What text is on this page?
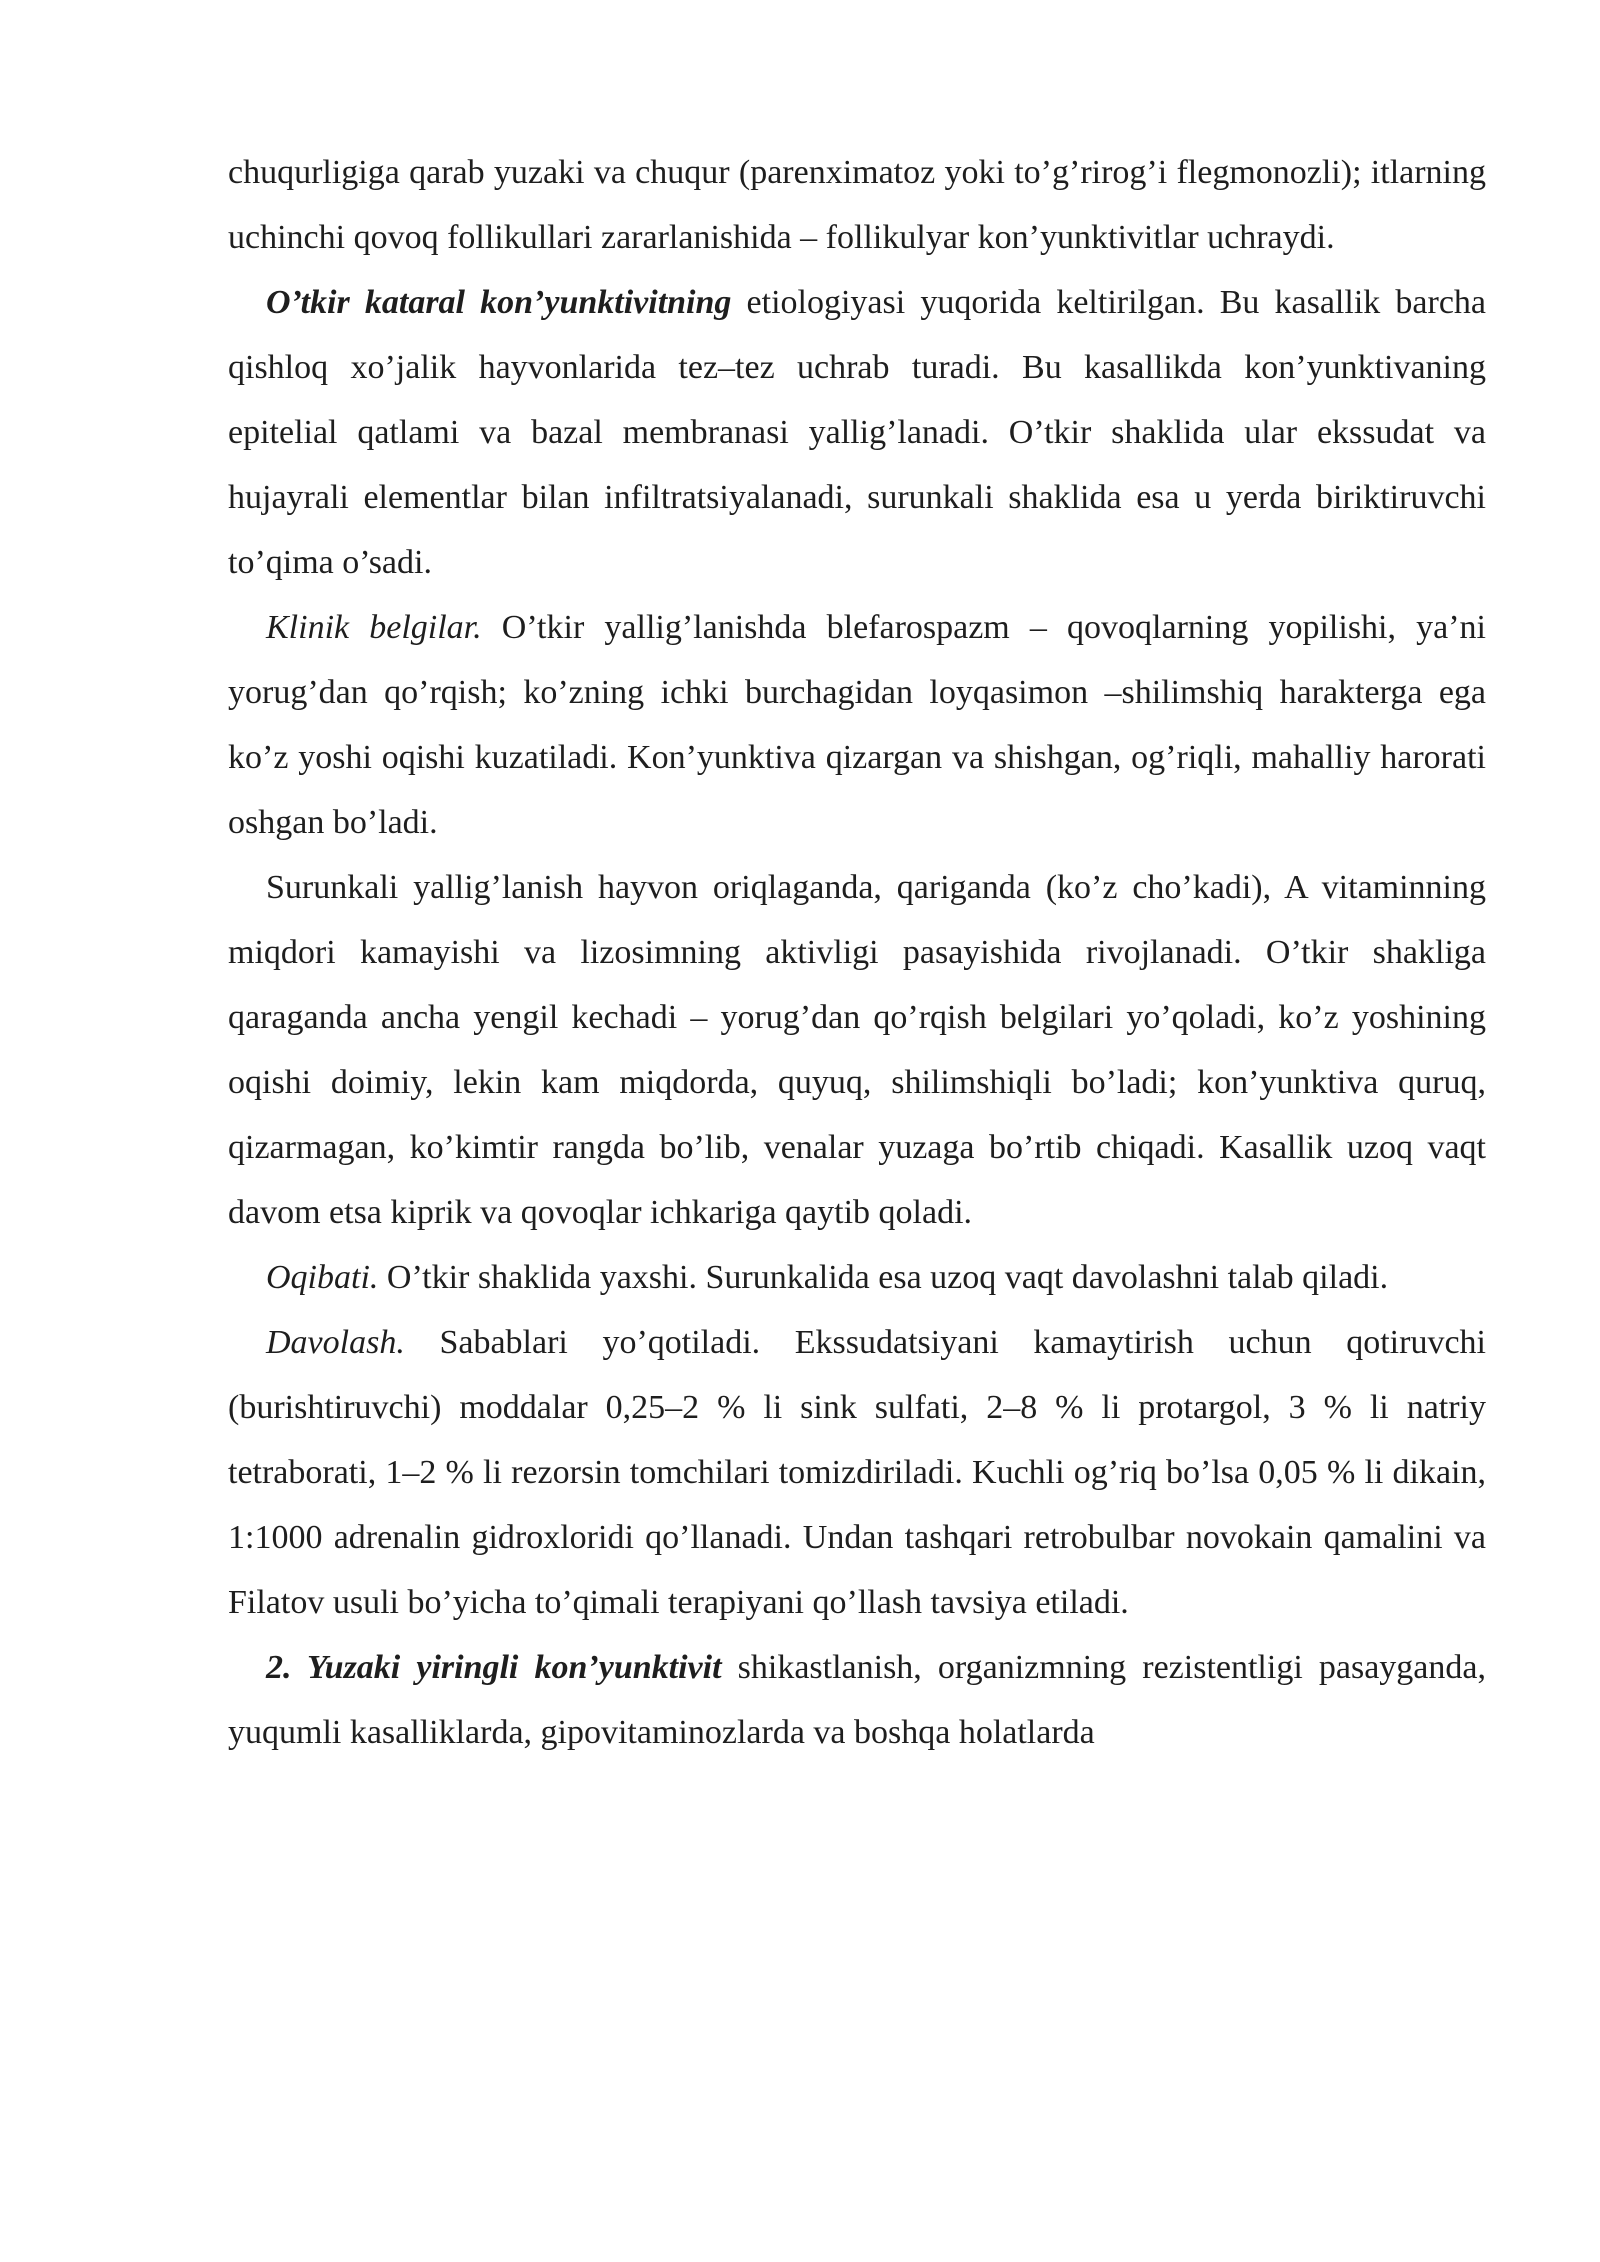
chuqurligiga qarab yuzaki va chuqur (parenximatoz yoki to’g’rirog’i flegmonozli); itlarning uchinchi qovoq follikullari zararlanishida – follikulyar kon’yunktivitlar uchraydi.

O’tkir kataral kon’yunktivitning etiologiyasi yuqorida keltirilgan. Bu kasallik barcha qishloq xo’jalik hayvonlarida tez–tez uchrab turadi. Bu kasallikda kon’yunktivaning epitelial qatlami va bazal membranasi yallig’lanadi. O’tkir shaklida ular ekssudat va hujayrali elementlar bilan infiltratsiyalanadi, surunkali shaklida esa u yerda biriktiruvchi to’qima o’sadi.

Klinik belgilar. O’tkir yallig’lanishda blefarospazm – qovoqlarning yopilishi, ya’ni yorug’dan qo’rqish; ko’zning ichki burchagidan loyqasimon –shilimshiq harakterga ega ko’z yoshi oqishi kuzatiladi. Kon’yunktiva qizargan va shishgan, og’riqli, mahalliy harorati oshgan bo’ladi.

Surunkali yallig’lanish hayvon oriqlaganda, qariganda (ko’z cho’kadi), A vitaminning miqdori kamayishi va lizosimning aktivligi pasayishida rivojlanadi. O’tkir shakliga qaraganda ancha yengil kechadi – yorug’dan qo’rqish belgilari yo’qoladi, ko’z yoshining oqishi doimiy, lekin kam miqdorda, quyuq, shilimshiqli bo’ladi; kon’yunktiva quruq, qizarmagan, ko’kimtir rangda bo’lib, venalar yuzaga bo’rtib chiqadi. Kasallik uzoq vaqt davom etsa kiprik va qovoqlar ichkariga qaytib qoladi.

Oqibati. O’tkir shaklida yaxshi. Surunkalida esa uzoq vaqt davolashni talab qiladi.

Davolash. Sabablari yo’qotiladi. Ekssudatsiyani kamaytirish uchun qotiruvchi (burishtiruvchi) moddalar 0,25–2 % li sink sulfati, 2–8 % li protargol, 3 % li natriy tetraboratі, 1–2 % li rezorsin tomchilari tomizdiriladi. Kuchli og’riq bo’lsa 0,05 % li dikain, 1:1000 adrenalin gidroxloridi qo’llanadi. Undan tashqari retrobulbar novokain qamalini va Filatov usuli bo’yicha to’qimali terapiyani qo’llash tavsiya etiladi.

2. Yuzaki yiringli kon’yunktivit shikastlanish, organizmning rezistentligi pasayganda, yuqumli kasalliklarda, gipovitaminozlarda va boshqa holatlarda
